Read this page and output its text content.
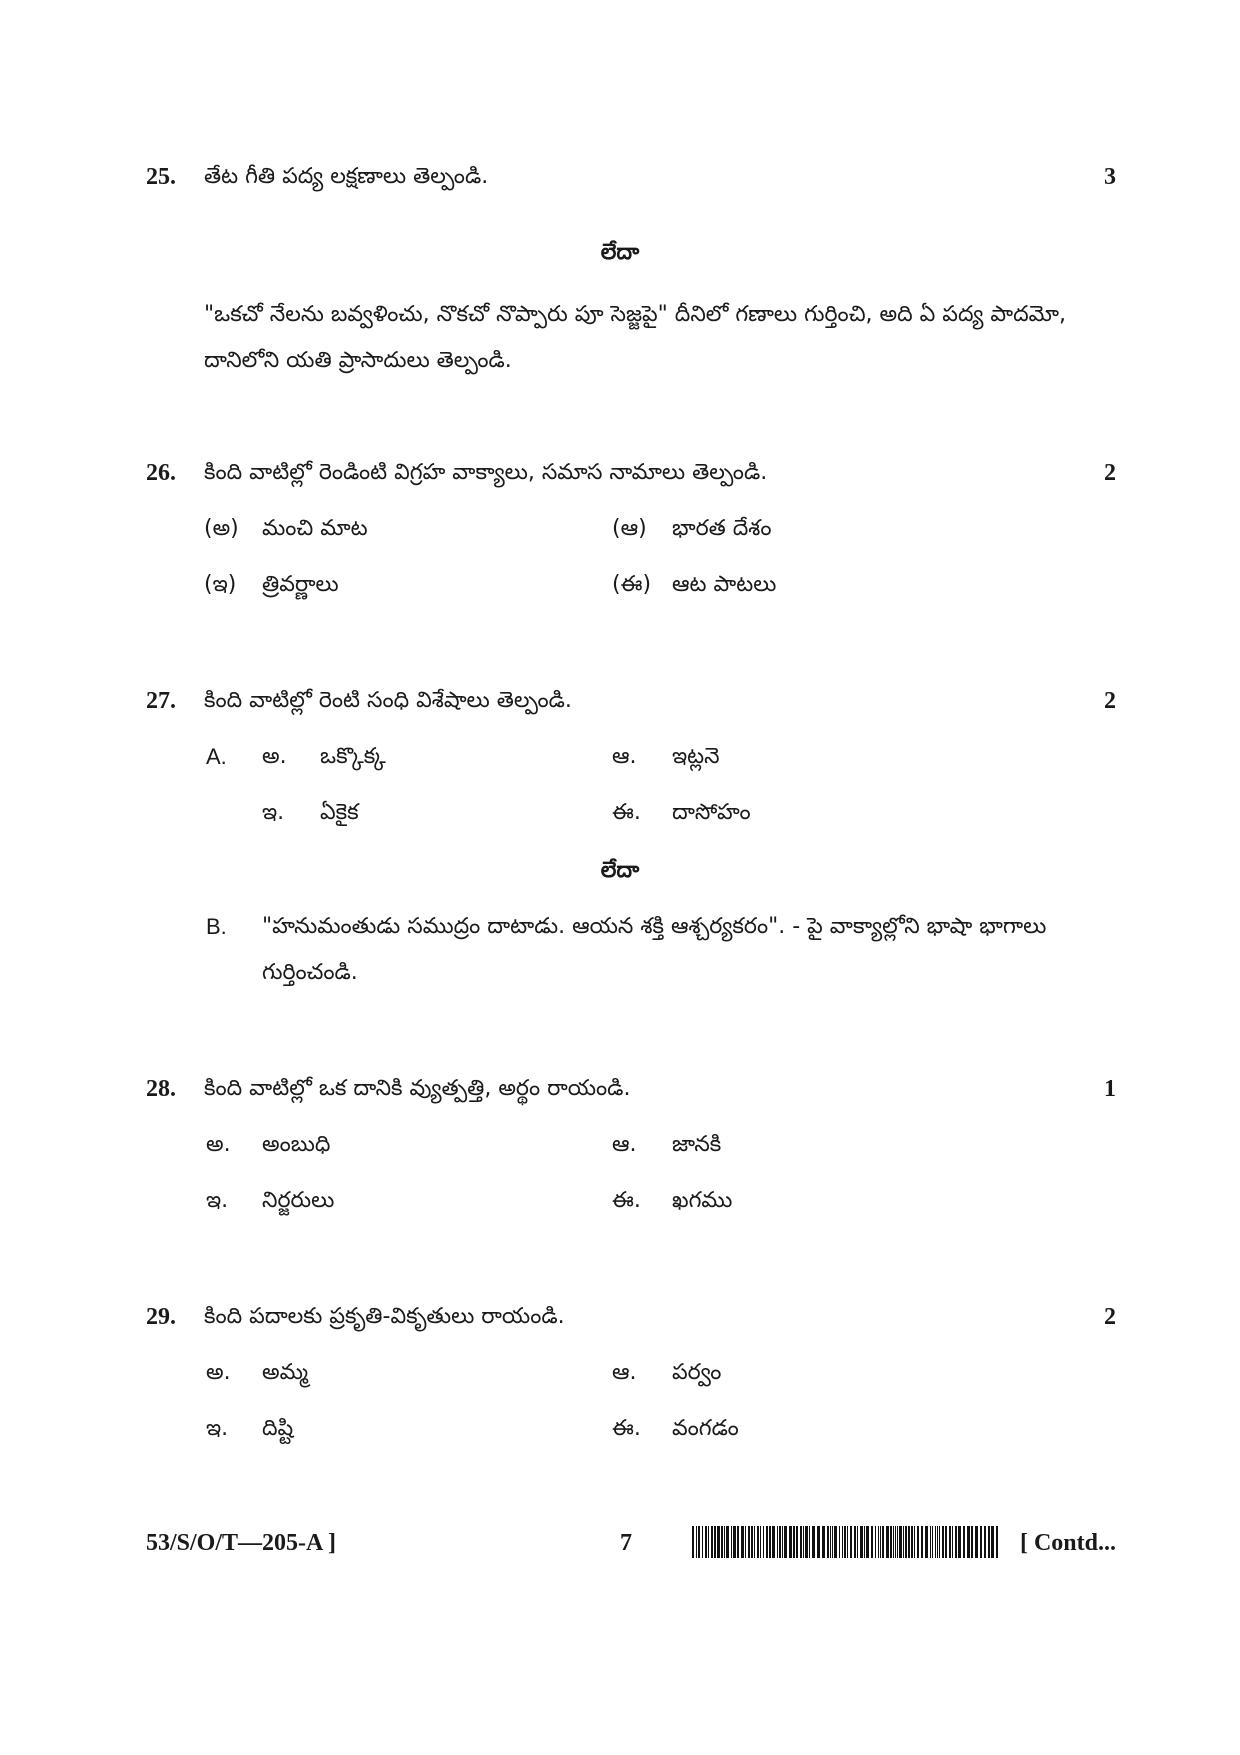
25. తేట గీతి పద్య లక్షణాలు తెల్పండి.	3
లేదా
"ఒకచో నేలను బవ్వళించు, నొకచో నొప్పారు పూ సెజ్జపై" దీనిలో గణాలు గుర్తించి, అది ఏ పద్య పాదమో, దానిలోని యతి ప్రాసాదులు తెల్పండి.
26. కింది వాటిల్లో రెండింటి విగ్రహ వాక్యాలు, సమాస నామాలు తెల్పండి.	2
(అ) మంచి మాట	(ఆ) భారత దేశం
(ఇ) త్రివర్ణాలు	(ఈ) ఆట పాటలు
27. కింది వాటిల్లో రెంటి సంధి విశేషాలు తెల్పండి.	2
A. అ. ఒక్కొక్క	ఆ. ఇట్లనె
ఇ. ఏకైక	ఈ. దాసోహం
లేదా
B. "హనుమంతుడు సముద్రం దాటాడు. ఆయన శక్తి ఆశ్చర్యకరం". - పై వాక్యాల్లోని భాషా భాగాలు గుర్తించండి.
28. కింది వాటిల్లో ఒక దానికి వ్యుత్పత్తి, అర్థం రాయండి.	1
అ. అంబుధి	ఆ. జానకి
ఇ. నిర్జరులు	ఈ. ఖగము
29. కింది పదాలకు ప్రకృతి-వికృతులు రాయండి.	2
అ. అమ్మ	ఆ. పర్వం
ఇ. దిష్టి	ఈ. వంగడం
53/S/O/T—205-A ]	7	[ Contd...
